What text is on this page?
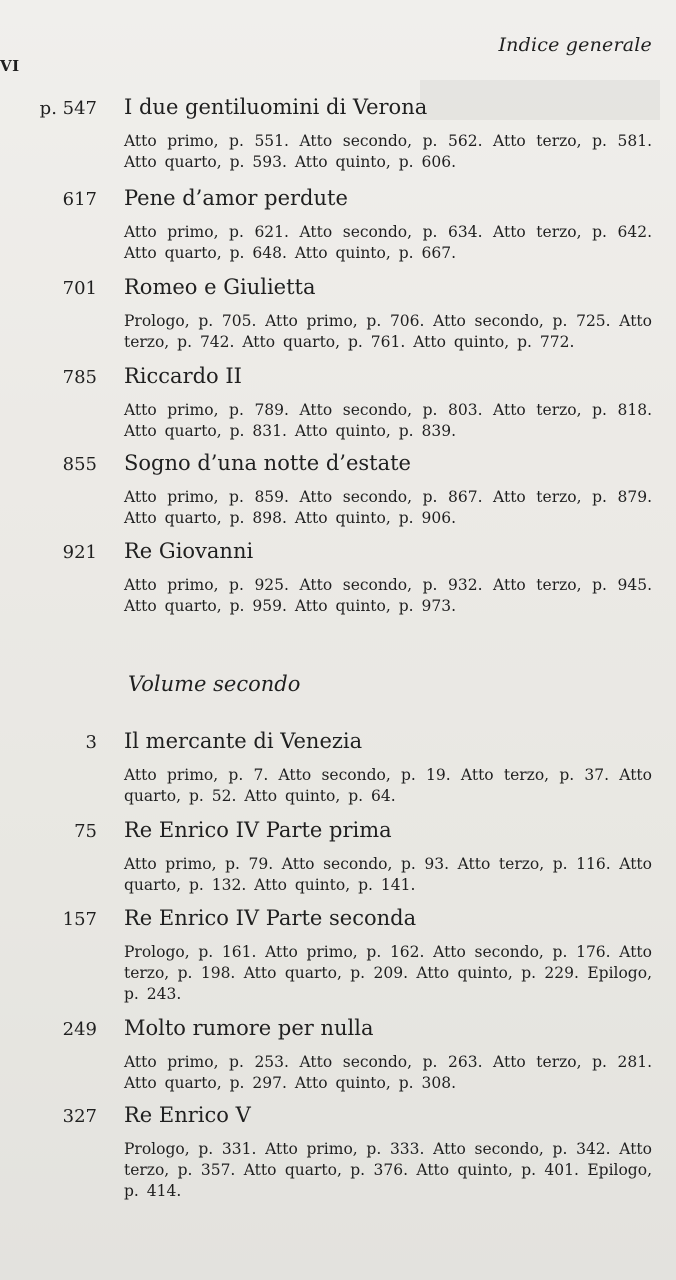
VI
Indice generale
p. 547 I due gentiluomini di Verona
Atto primo, p. 551. Atto secondo, p. 562. Atto terzo, p. 581. Atto quarto, p. 593. Atto quinto, p. 606.
617 Pene d’amor perdute
Atto primo, p. 621. Atto secondo, p. 634. Atto terzo, p. 642. Atto quarto, p. 648. Atto quinto, p. 667.
701 Romeo e Giulietta
Prologo, p. 705. Atto primo, p. 706. Atto secondo, p. 725. Atto terzo, p. 742. Atto quarto, p. 761. Atto quinto, p. 772.
785 Riccardo II
Atto primo, p. 789. Atto secondo, p. 803. Atto terzo, p. 818. Atto quarto, p. 831. Atto quinto, p. 839.
855 Sogno d’una notte d’estate
Atto primo, p. 859. Atto secondo, p. 867. Atto terzo, p. 879. Atto quarto, p. 898. Atto quinto, p. 906.
921 Re Giovanni
Atto primo, p. 925. Atto secondo, p. 932. Atto terzo, p. 945. Atto quarto, p. 959. Atto quinto, p. 973.
Volume secondo
3 Il mercante di Venezia
Atto primo, p. 7. Atto secondo, p. 19. Atto terzo, p. 37. Atto quarto, p. 52. Atto quinto, p. 64.
75 Re Enrico IV Parte prima
Atto primo, p. 79. Atto secondo, p. 93. Atto terzo, p. 116. Atto quarto, p. 132. Atto quinto, p. 141.
157 Re Enrico IV Parte seconda
Prologo, p. 161. Atto primo, p. 162. Atto secondo, p. 176. Atto terzo, p. 198. Atto quarto, p. 209. Atto quinto, p. 229. Epilogo, p. 243.
249 Molto rumore per nulla
Atto primo, p. 253. Atto secondo, p. 263. Atto terzo, p. 281. Atto quarto, p. 297. Atto quinto, p. 308.
327 Re Enrico V
Prologo, p. 331. Atto primo, p. 333. Atto secondo, p. 342. Atto terzo, p. 357. Atto quarto, p. 376. Atto quinto, p. 401. Epilogo, p. 414.
